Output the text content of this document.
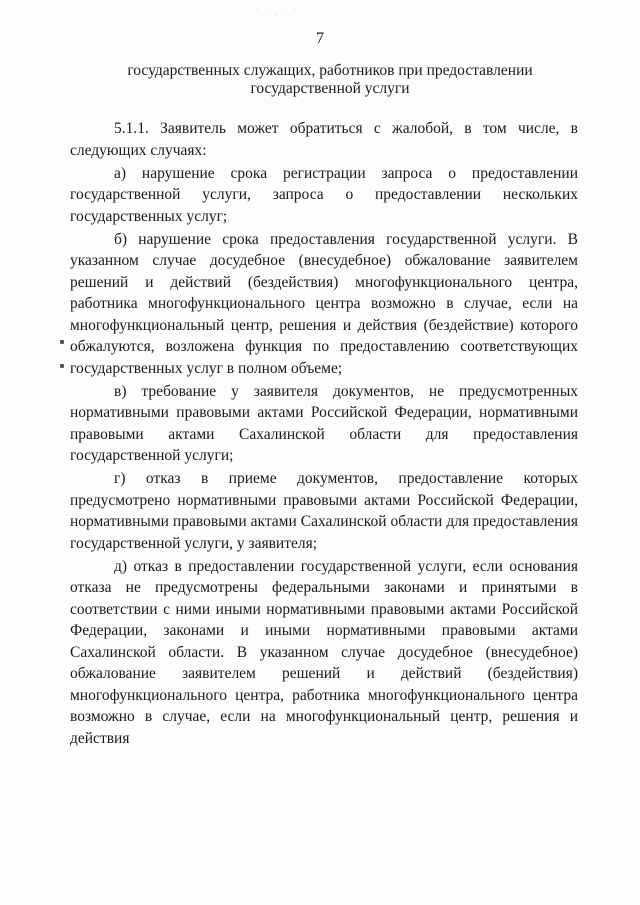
· ·ꞈ· ·
7
государственных служащих, работников при предоставлении
государственной услуги

5.1.1. Заявитель может обратиться с жалобой, в том числе, в следующих случаях:

а) нарушение срока регистрации запроса о предоставлении государственной услуги, запроса о предоставлении нескольких государственных услуг;

б) нарушение срока предоставления государственной услуги. В указанном случае досудебное (внесудебное) обжалование заявителем решений и действий (бездействия) многофункционального центра, работника многофункционального центра возможно в случае, если на многофункциональный центр, решения и действия (бездействие) которого обжалуются, возложена функция по предоставлению соответствующих государственных услуг в полном объеме;

в) требование у заявителя документов, не предусмотренных нормативными правовыми актами Российской Федерации, нормативными правовыми актами Сахалинской области для предоставления государственной услуги;

г) отказ в приеме документов, предоставление которых предусмотрено нормативными правовыми актами Российской Федерации, нормативными правовыми актами Сахалинской области для предоставления государственной услуги, у заявителя;

д) отказ в предоставлении государственной услуги, если основания отказа не предусмотрены федеральными законами и принятыми в соответствии с ними иными нормативными правовыми актами Российской Федерации, законами и иными нормативными правовыми актами Сахалинской области. В указанном случае досудебное (внесудебное) обжалование заявителем решений и действий (бездействия) многофункционального центра, работника многофункционального центра возможно в случае, если на многофункциональный центр, решения и действия
